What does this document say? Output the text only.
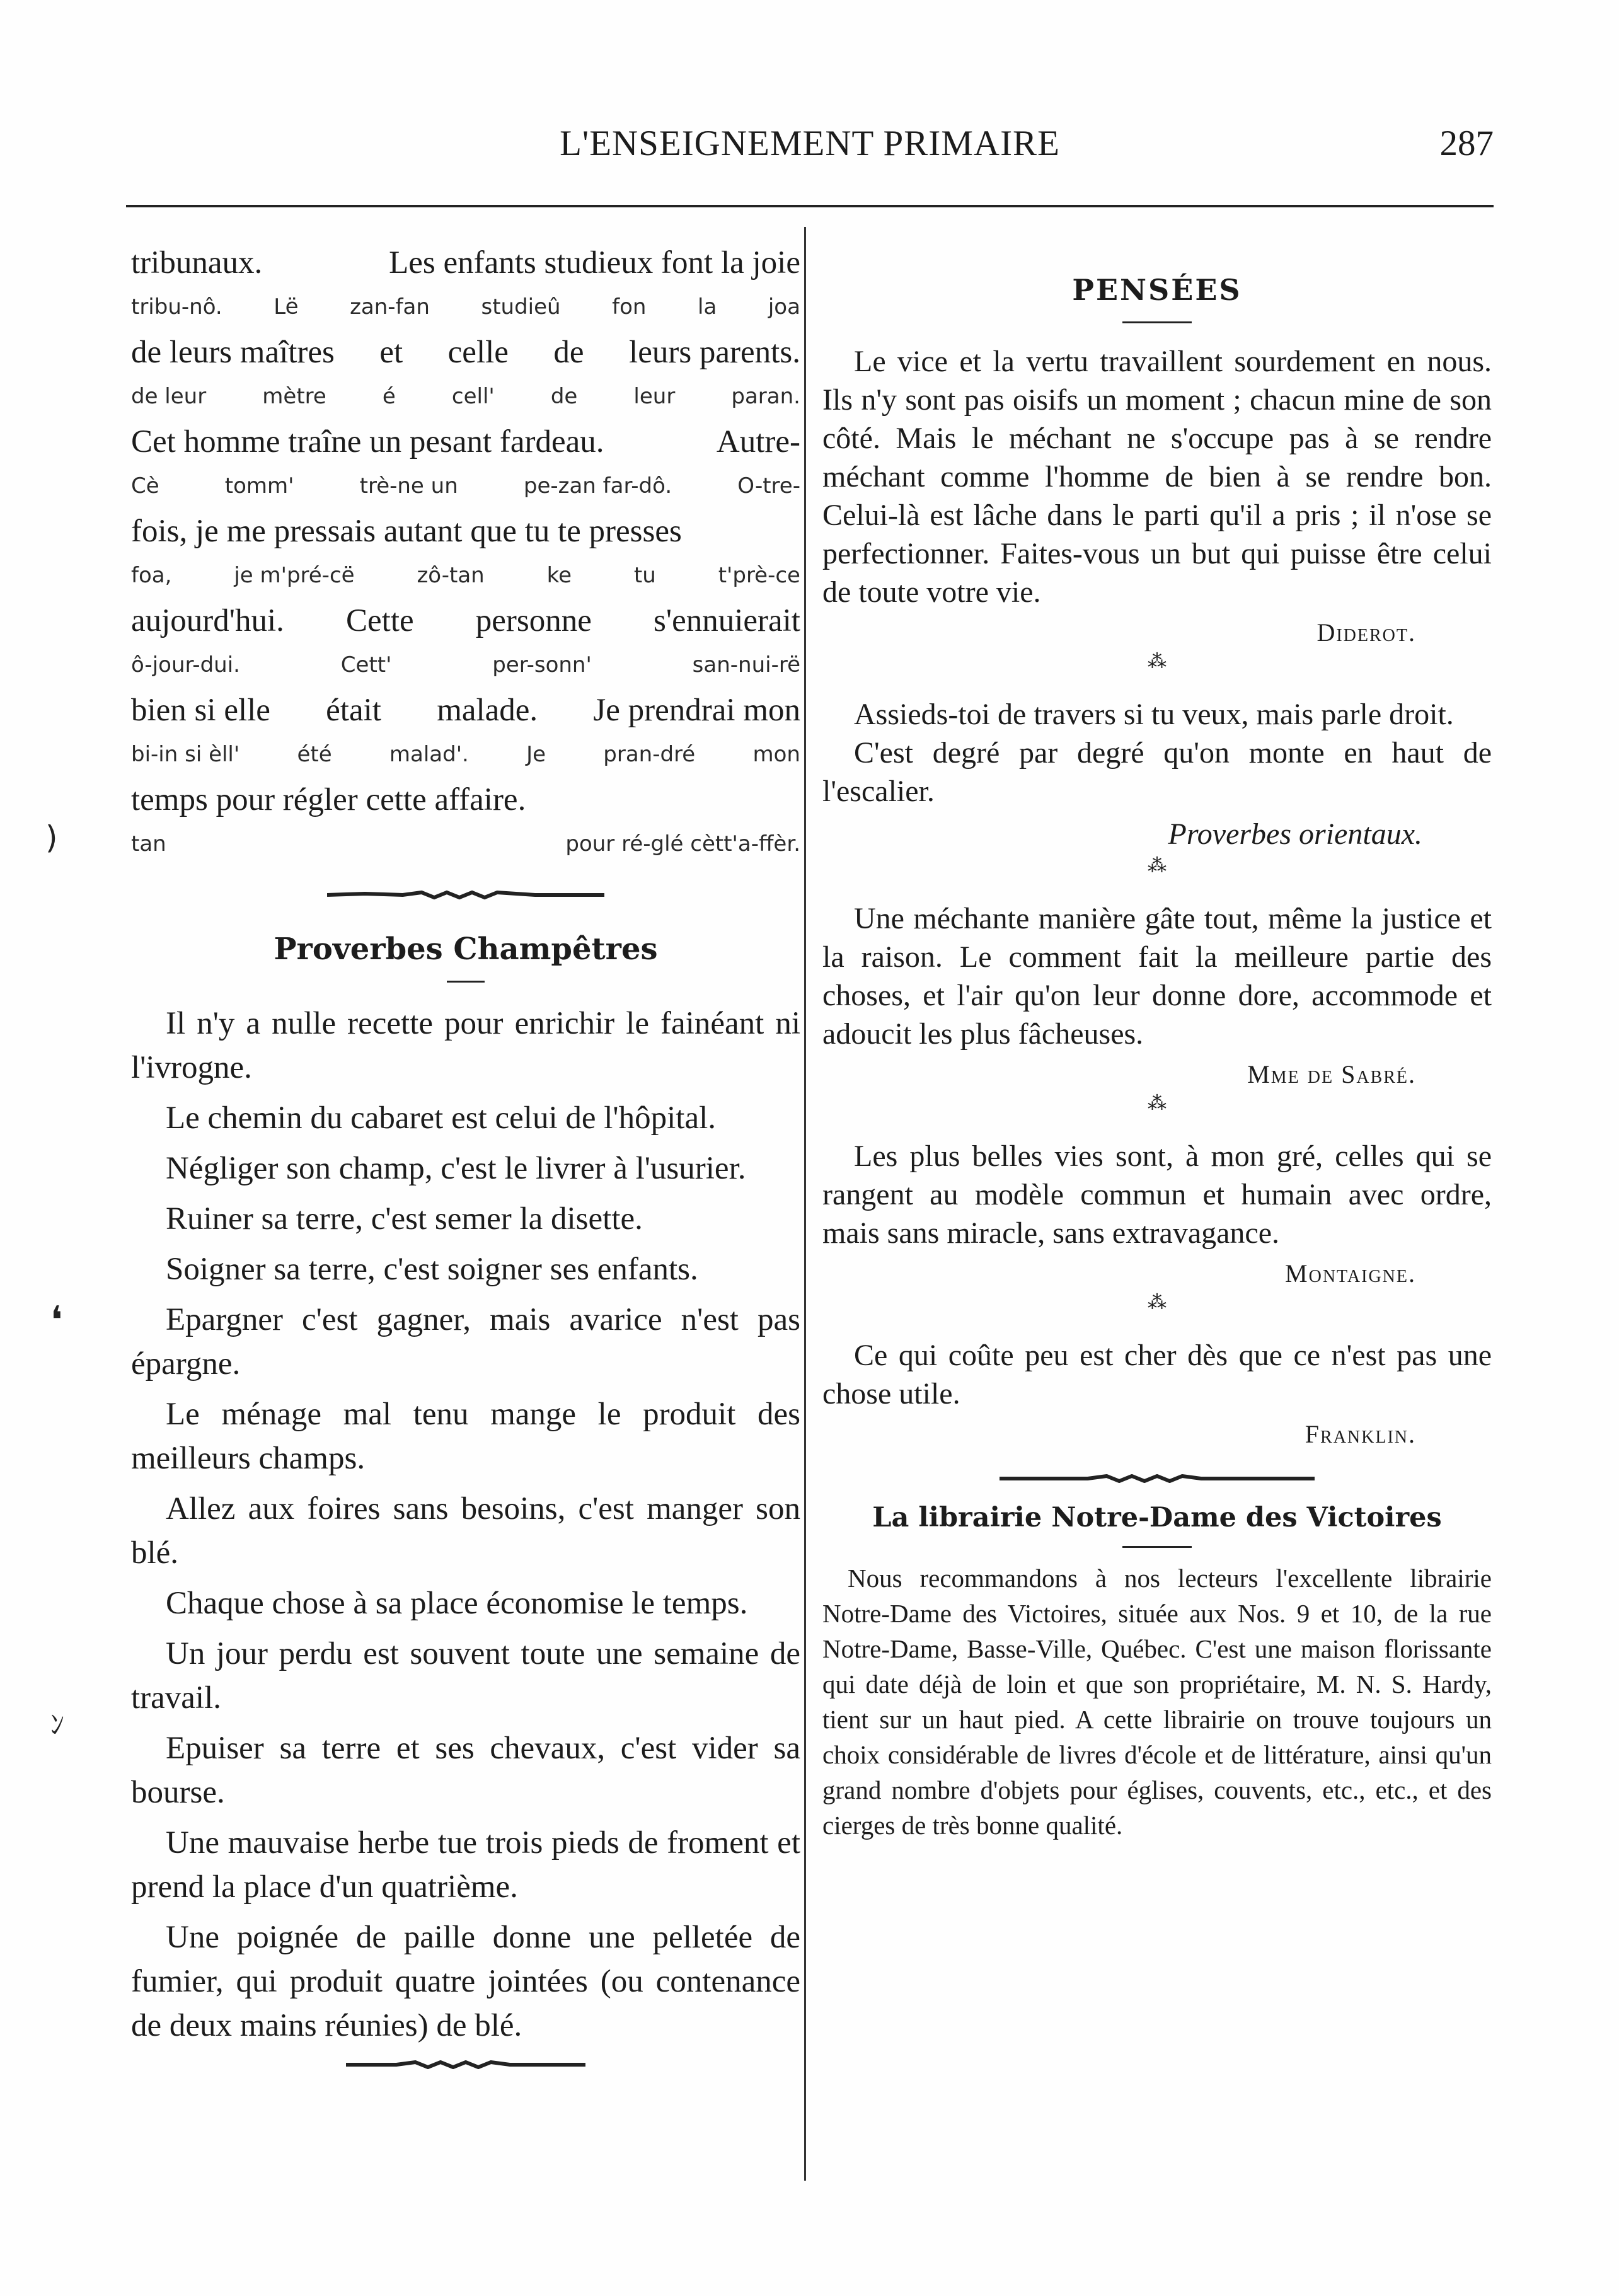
L'ENSEIGNEMENT PRIMAIRE	287
)
❛
ﾝ
tribunaux.	Les enfants studieux font la joie
tribu-nô. Lë zan-fan studieû fon la joa
de leurs maîtres et celle de leurs parents.
de leur	mètre	é	cell'	de	leur	paran.
Cet homme traîne un pesant fardeau.	Autre-
Cè	tomm'	trè-ne un	pe-zan far-dô.	O-tre-
fois, je me pressais autant que tu te presses
foa,	je m'pré-cë	zô-tan	ke	tu	t'prè-ce
aujourd'hui. Cette personne s'ennuierait
ô-jour-dui.	Cett'	per-sonn'	san-nui-rë
bien si elle était malade. Je prendrai mon
bi-in si èll'	été	malad'.	Je	pran-dré	mon
temps pour régler cette affaire.
tan	pour ré-glé cètt'a-ffèr.
Proverbes Champêtres

Il n'y a nulle recette pour enrichir le fainéant ni l'ivrogne.

Le chemin du cabaret est celui de l'hôpital.

Négliger son champ, c'est le livrer à l'usurier.

Ruiner sa terre, c'est semer la disette.

Soigner sa terre, c'est soigner ses enfants.

Epargner c'est gagner, mais avarice n'est pas épargne.

Le ménage mal tenu mange le produit des meilleurs champs.

Allez aux foires sans besoins, c'est manger son blé.

Chaque chose à sa place économise le temps.

Un jour perdu est souvent toute une semaine de travail.

Epuiser sa terre et ses chevaux, c'est vider sa bourse.

Une mauvaise herbe tue trois pieds de froment et prend la place d'un quatrième.

Une poignée de paille donne une pelletée de fumier, qui produit quatre jointées (ou contenance de deux mains réunies) de blé.

PENSÉES

Le vice et la vertu travaillent sourdement en nous. Ils n'y sont pas oisifs un moment ; chacun mine de son côté. Mais le méchant ne s'occupe pas à se rendre méchant comme l'homme de bien à se rendre bon. Celui-là est lâche dans le parti qu'il a pris ; il n'ose se perfectionner. Faites-vous un but qui puisse être celui de toute votre vie.

Diderot.
⁂

Assieds-toi de travers si tu veux, mais parle droit.

C'est degré par degré qu'on monte en haut de l'escalier.

Proverbes orientaux.
⁂

Une méchante manière gâte tout, même la justice et la raison. Le comment fait la meilleure partie des choses, et l'air qu'on leur donne dore, accommode et adoucit les plus fâcheuses.

Mme de Sabré.
⁂

Les plus belles vies sont, à mon gré, celles qui se rangent au modèle commun et humain avec ordre, mais sans miracle, sans extravagance.

Montaigne.
⁂

Ce qui coûte peu est cher dès que ce n'est pas une chose utile.

Franklin.
La librairie Notre-Dame des Victoires

Nous recommandons à nos lecteurs l'excellente librairie Notre-Dame des Victoires, située aux Nos. 9 et 10, de la rue Notre-Dame, Basse-Ville, Québec. C'est une maison florissante qui date déjà de loin et que son propriétaire, M. N. S. Hardy, tient sur un haut pied. A cette librairie on trouve toujours un choix considérable de livres d'école et de littérature, ainsi qu'un grand nombre d'objets pour églises, couvents, etc., etc., et des cierges de très bonne qualité.
